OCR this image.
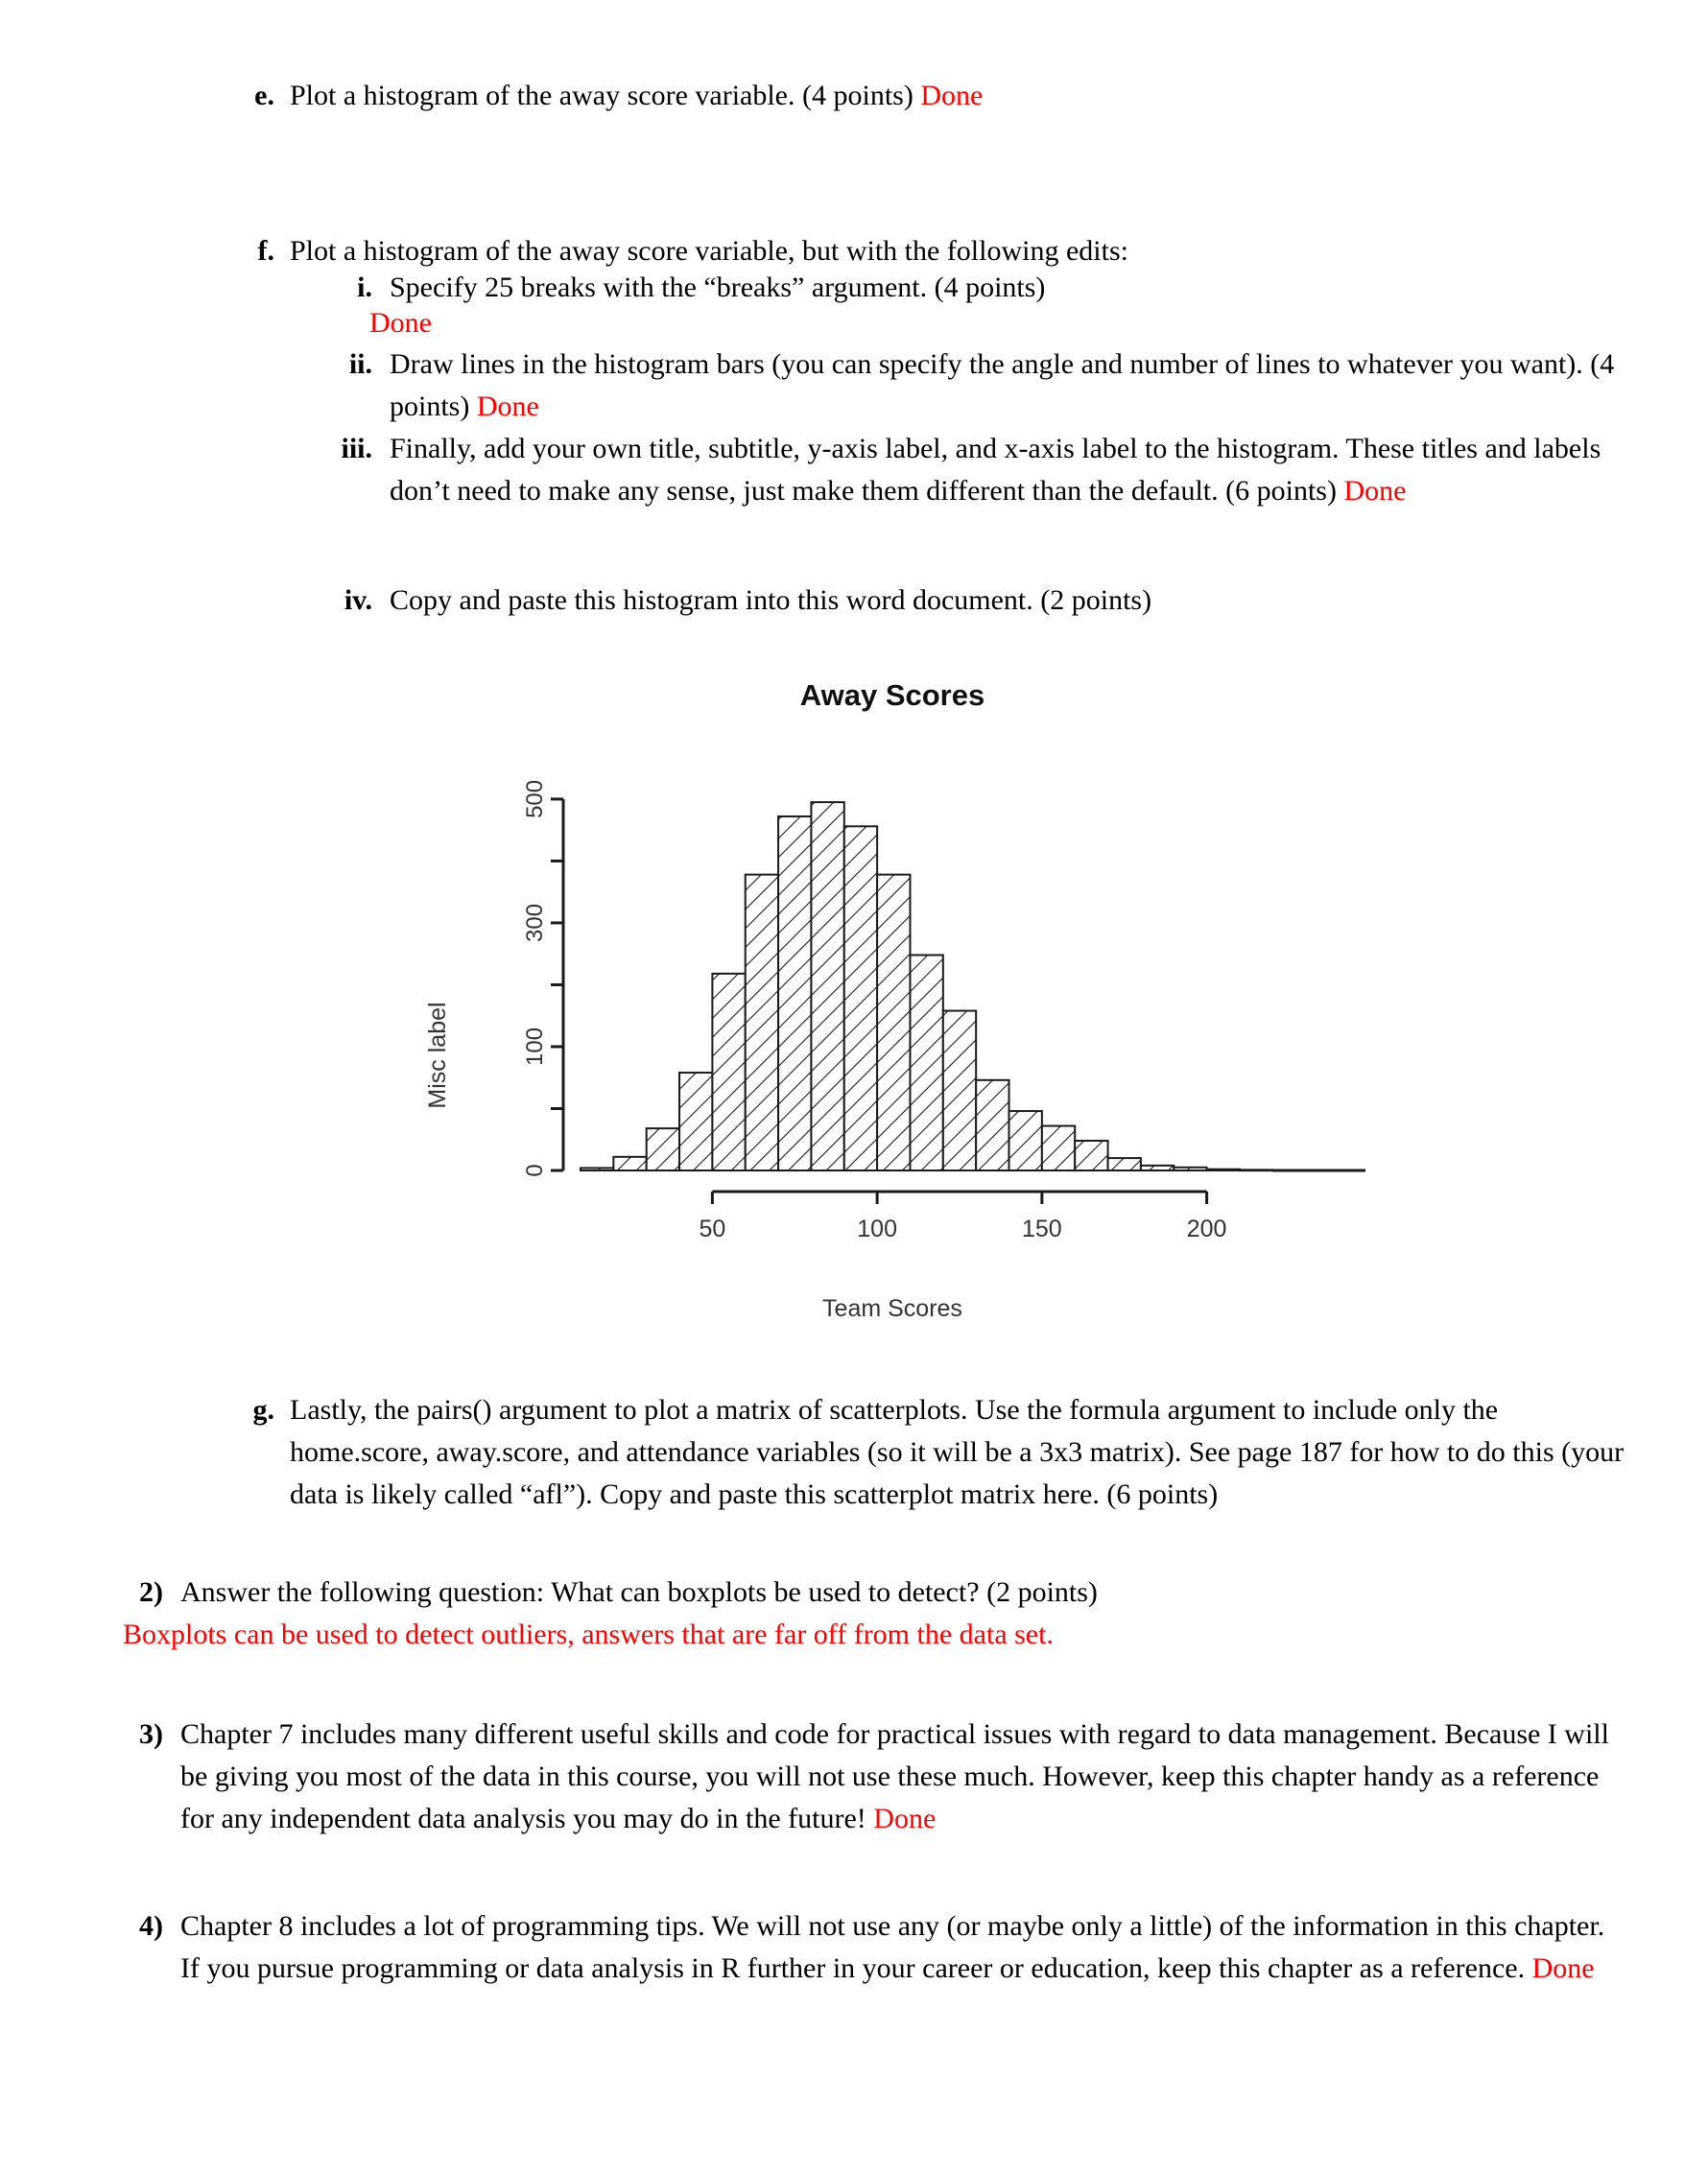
e. Plot a histogram of the away score variable. (4 points) Done
f. Plot a histogram of the away score variable, but with the following edits:
i. Specify 25 breaks with the “breaks” argument. (4 points)
Done
ii. Draw lines in the histogram bars (you can specify the angle and number of lines to whatever you want). (4 points) Done
iii. Finally, add your own title, subtitle, y-axis label, and x-axis label to the histogram. These titles and labels don’t need to make any sense, just make them different than the default. (6 points) Done
iv. Copy and paste this histogram into this word document. (2 points)
Away Scores
Misc label
Team Scores
0
100
300
500
50	100	150	200
g. Lastly, the pairs() argument to plot a matrix of scatterplots. Use the formula argument to include only the home.score, away.score, and attendance variables (so it will be a 3x3 matrix). See page 187 for how to do this (your data is likely called “afl”). Copy and paste this scatterplot matrix here. (6 points)
2) Answer the following question: What can boxplots be used to detect? (2 points)
Boxplots can be used to detect outliers, answers that are far off from the data set.
3) Chapter 7 includes many different useful skills and code for practical issues with regard to data management. Because I will be giving you most of the data in this course, you will not use these much. However, keep this chapter handy as a reference for any independent data analysis you may do in the future! Done
4) Chapter 8 includes a lot of programming tips. We will not use any (or maybe only a little) of the information in this chapter. If you pursue programming or data analysis in R further in your career or education, keep this chapter as a reference. Done
